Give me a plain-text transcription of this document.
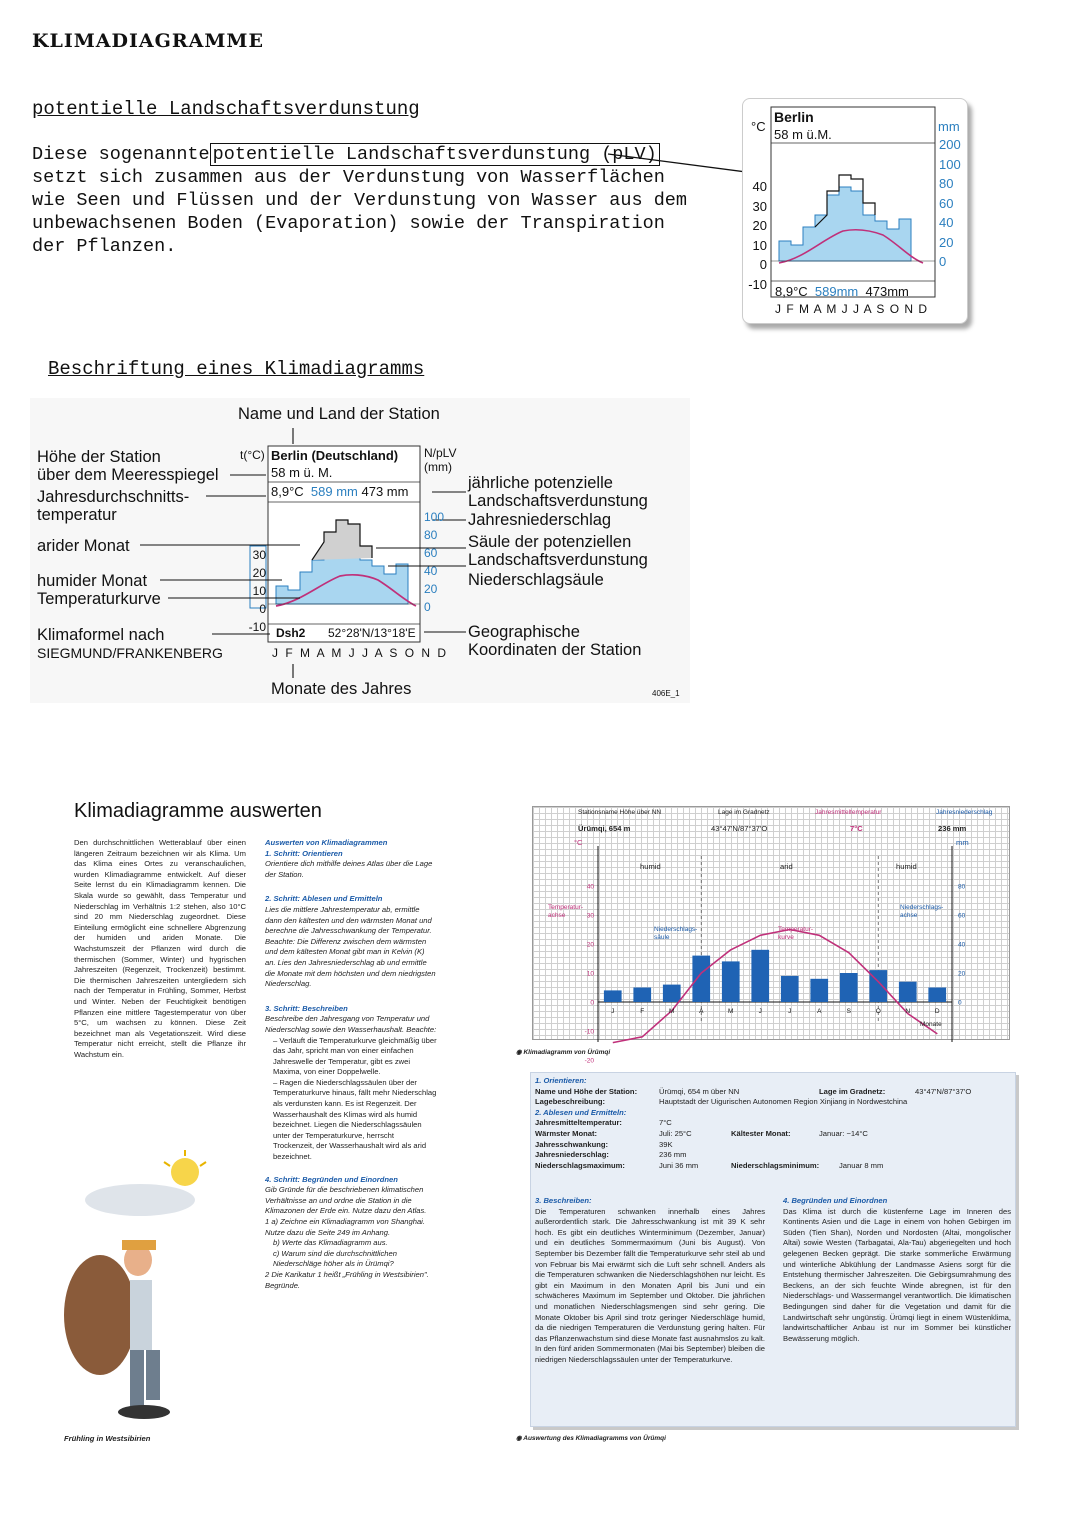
KLIMADIAGRAMME
potentielle Landschaftsverdunstung
Diese sogenannte potentielle Landschaftsverdunstung (pLV)
setzt sich zusammen aus der Verdunstung von Wasserflächen wie Seen und Flüssen und der Verdunstung von Wasser aus dem unbewachsenen Boden (Evaporation) sowie der Transpiration der Pflanzen.
°C	mm
Berlin
58 m ü.M.
40
30
20
10
0
-10
200
100
80
60
40
20
0
8,9°C 589mm 473mm
J F M A M J J A S O N D
Beschriftung eines Klimadiagramms
Name und Land der Station
Höhe der Station
über dem Meeresspiegel
Jahresdurchschnitts-
temperatur
arider Monat
humider Monat
Temperaturkurve
Klimaformel nach
SIEGMUND/FRANKENBERG
jährliche potenzielle
Landschaftsverdunstung
Jahresniederschlag
Säule der potenziellen
Landschaftsverdunstung
Niederschlagsäule
Geographische
Koordinaten der Station
Monate des Jahres	406E_1
t(°C) Berlin (Deutschland)
58 m ü. M.
8,9°C 589 mm 473 mm
N/pLV
(mm)
30
20
10
0
-10
100
80
60
40
20
0
Dsh2 52°28'N/13°18'E
J F M A M J J A S O N D
Klimadiagramme auswerten
Den durchschnittlichen Wetterablauf über einen längeren Zeitraum bezeichnen wir als Klima. Um das Klima eines Ortes zu veranschaulichen, wurden Klimadiagramme entwickelt. Auf dieser Seite lernst du ein Klimadiagramm kennen. Die Skala wurde so gewählt, dass Temperatur und Niederschlag im Verhältnis 1:2 stehen, also 10°C sind 20 mm Niederschlag zugeordnet. Diese Einteilung ermöglicht eine schnellere Abgrenzung der humiden und ariden Monate. Die Wachstumszeit der Pflanzen wird durch die thermischen (Sommer, Winter) und hygrischen Jahreszeiten (Regenzeit, Trockenzeit) bestimmt. Die thermischen Jahreszeiten untergliedern sich nach der Temperatur in Frühling, Sommer, Herbst und Winter. Neben der Feuchtigkeit benötigen Pflanzen eine mittlere Tagestemperatur von über 5°C, um wachsen zu können. Diese Zeit bezeichnet man als Vegetationszeit. Wird diese Temperatur nicht erreicht, stellt die Pflanze ihr Wachstum ein.
Frühling in Westsibirien
Auswerten von Klimadiagrammen
1. Schritt: Orientieren
Orientiere dich mithilfe deines Atlas über die Lage der Station.
2. Schritt: Ablesen und Ermitteln
Lies die mittlere Jahrestemperatur ab, ermittle dann den kältesten und den wärmsten Monat und berechne die Jahresschwankung der Temperatur. Beachte: Die Differenz zwischen dem wärmsten und dem kältesten Monat gibt man in Kelvin (K) an. Lies den Jahresniederschlag ab und ermittle die Monate mit dem höchsten und dem niedrigsten Niederschlag.
3. Schritt: Beschreiben
Beschreibe den Jahresgang von Temperatur und Niederschlag sowie den Wasserhaushalt. Beachte:
– Verläuft die Temperaturkurve gleichmäßig über das Jahr, spricht man von einer einfachen Jahreswelle der Temperatur, gibt es zwei Maxima, von einer Doppelwelle.
– Ragen die Niederschlagssäulen über der Temperaturkurve hinaus, fällt mehr Niederschlag als verdunsten kann. Es ist Regenzeit. Der Wasserhaushalt des Klimas wird als humid bezeichnet. Liegen die Niederschlagssäulen unter der Temperaturkurve, herrscht Trockenzeit, der Wasserhaushalt wird als arid bezeichnet.
4. Schritt: Begründen und Einordnen
Gib Gründe für die beschriebenen klimatischen Verhältnisse an und ordne die Station in die Klimazonen der Erde ein. Nutze dazu den Atlas.
1 a) Zeichne ein Klimadiagramm von Shanghai. Nutze dazu die Seite 249 im Anhang.
b) Werte das Klimadiagramm aus.
c) Warum sind die durchschnittlichen Niederschläge höher als in Ürümqi?
2 Die Karikatur 1 heißt „Frühling in Westsibirien". Begründe.
40
30
20
10
0
-10
-20
80
60
40
20
0
J	F	M	A	M	J	J	A	S	O	N	D
Stationsname Höhe über NN
Ürümqi, 654 m
Lage im Gradnetz
43°47'N/87°37'O
Jahresmitteltemperatur
7°C
Jahresniederschlag
236 mm
°C	mm
humid	arid	humid
Temperatur-achse
Niederschlags-säule
Temperatur-kurve
Niederschlags-achse
Monate
◉ Klimadiagramm von Ürümqi
1. Orientieren:
Name und Höhe der Station:	Ürümqi, 654 m über NN	Lage im Gradnetz:	43°47'N/87°37'O
Lagebeschreibung:	Hauptstadt der Uigurischen Autonomen Region Xinjiang in Nordwestchina
2. Ablesen und Ermitteln:
Jahresmitteltemperatur:	7°C
Wärmster Monat:	Juli: 25°C	Kältester Monat:	Januar: −14°C
Jahresschwankung:	39K
Jahresniederschlag:	236 mm
Niederschlagsmaximum:	Juni 36 mm	Niederschlagsminimum:	Januar 8 mm
3. Beschreiben:
Die Temperaturen schwanken innerhalb eines Jahres außerordentlich stark. Die Jahresschwankung ist mit 39 K sehr hoch. Es gibt ein deutliches Winterminimum (Dezember, Januar) und ein deutliches Sommermaximum (Juni bis August). Von September bis Dezember fällt die Temperaturkurve sehr steil ab und von Februar bis Mai erwärmt sich die Luft sehr schnell. Anders als die Temperaturen schwanken die Niederschlagshöhen nur leicht. Es gibt ein Maximum in den Monaten April bis Juni und ein schwächeres Maximum im September und Oktober. Die jährlichen und monatlichen Niederschlagsmengen sind sehr gering. Die Monate Oktober bis April sind trotz geringer Niederschläge humid, da die niedrigen Temperaturen die Verdunstung gering halten. Für das Pflanzenwachstum sind diese Monate fast ausnahmslos zu kalt. In den fünf ariden Sommermonaten (Mai bis September) bleiben die niedrigen Niederschlagssäulen unter der Temperaturkurve.
4. Begründen und Einordnen
Das Klima ist durch die küstenferne Lage im Inneren des Kontinents Asien und die Lage in einem von hohen Gebirgen im Süden (Tien Shan), Norden und Nordosten (Altai, mongolischer Altai) sowie Westen (Tarbagatai, Ala-Tau) abgeriegelten und hoch gelegenen Becken geprägt. Die starke sommerliche Erwärmung und winterliche Abkühlung der Landmasse Asiens sorgt für die Entstehung thermischer Jahreszeiten. Die Gebirgsumrahmung des Beckens, an der sich feuchte Winde abregnen, ist für den Niederschlags- und Wassermangel verantwortlich. Die klimatischen Bedingungen sind daher für die Vegetation und damit für die Landwirtschaft sehr ungünstig. Ürümqi liegt in einem Wüstenklima, landwirtschaftlicher Anbau ist nur im Sommer bei künstlicher Bewässerung möglich.
◉ Auswertung des Klimadiagramms von Ürümqi
